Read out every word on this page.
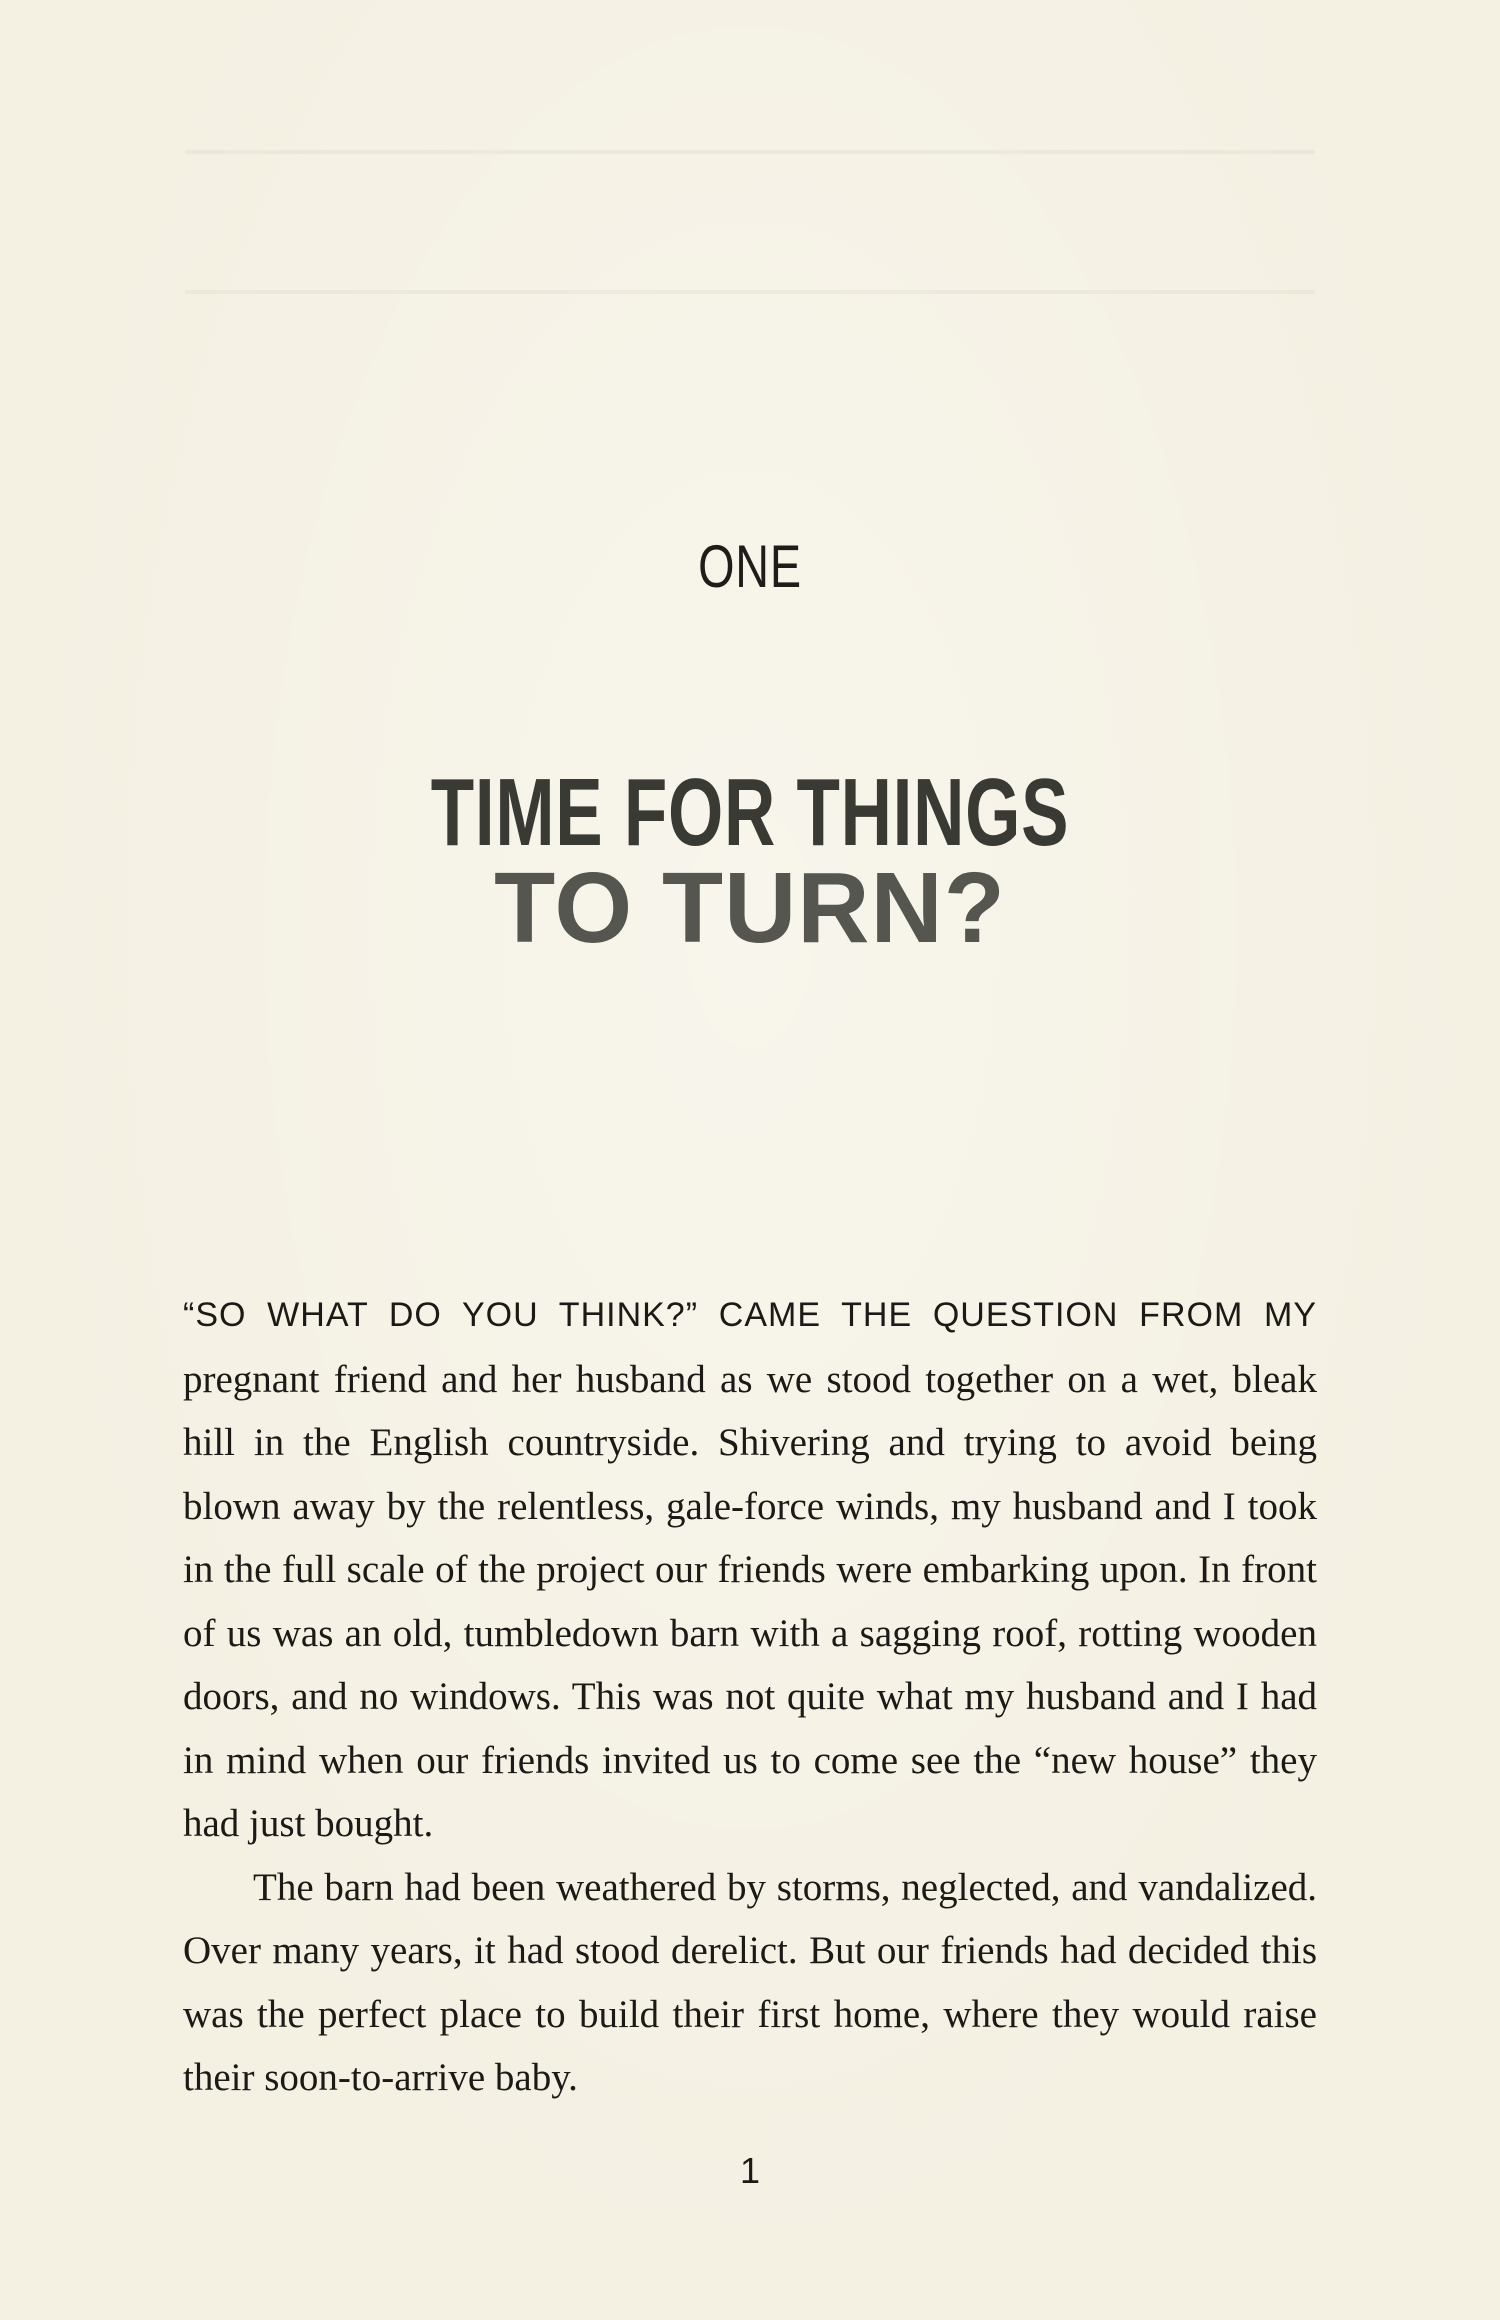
ONE
TIME FOR THINGS
TO TURN?

“SO WHAT DO YOU THINK?” CAME THE QUESTION FROM MY pregnant friend and her husband as we stood together on a wet, bleak hill in the English countryside. Shivering and trying to avoid being blown away by the relentless, gale-force winds, my husband and I took in the full scale of the project our friends were embarking upon. In front of us was an old, tumbledown barn with a sagging roof, rotting wooden doors, and no windows. This was not quite what my husband and I had in mind when our friends invited us to come see the “new house” they had just bought.

The barn had been weathered by storms, neglected, and vandalized. Over many years, it had stood derelict. But our friends had decided this was the perfect place to build their first home, where they would raise their soon-to-arrive baby.

1
